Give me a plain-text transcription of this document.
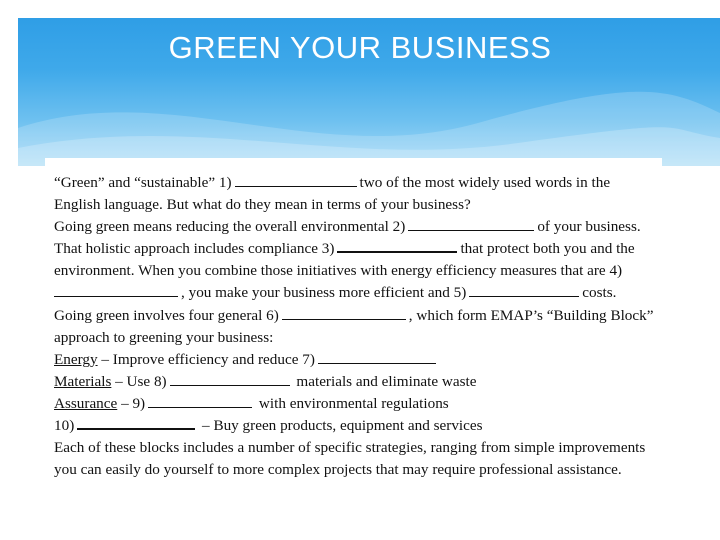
GREEN YOUR BUSINESS
“Green” and “sustainable” 1)	two of the most widely used words in the
English language. But what do they mean in terms of your business?
Going green means reducing the overall environmental 2)	of your business.
That holistic approach includes compliance 3)	that protect both you and the
environment. When you combine those initiatives with energy efficiency measures that are 4)
, you make your business more efficient and 5)	costs.
Going green involves four general 6)	, which form EMAP’s “Building Block”
approach to greening your business:
Energy – Improve efficiency and reduce 7)
Materials – Use 8)	materials and eliminate waste
Assurance – 9)	with environmental regulations
10)	– Buy green products, equipment and services
Each of these blocks includes a number of specific strategies, ranging from simple improvements
you can easily do yourself to more complex projects that may require professional assistance.
